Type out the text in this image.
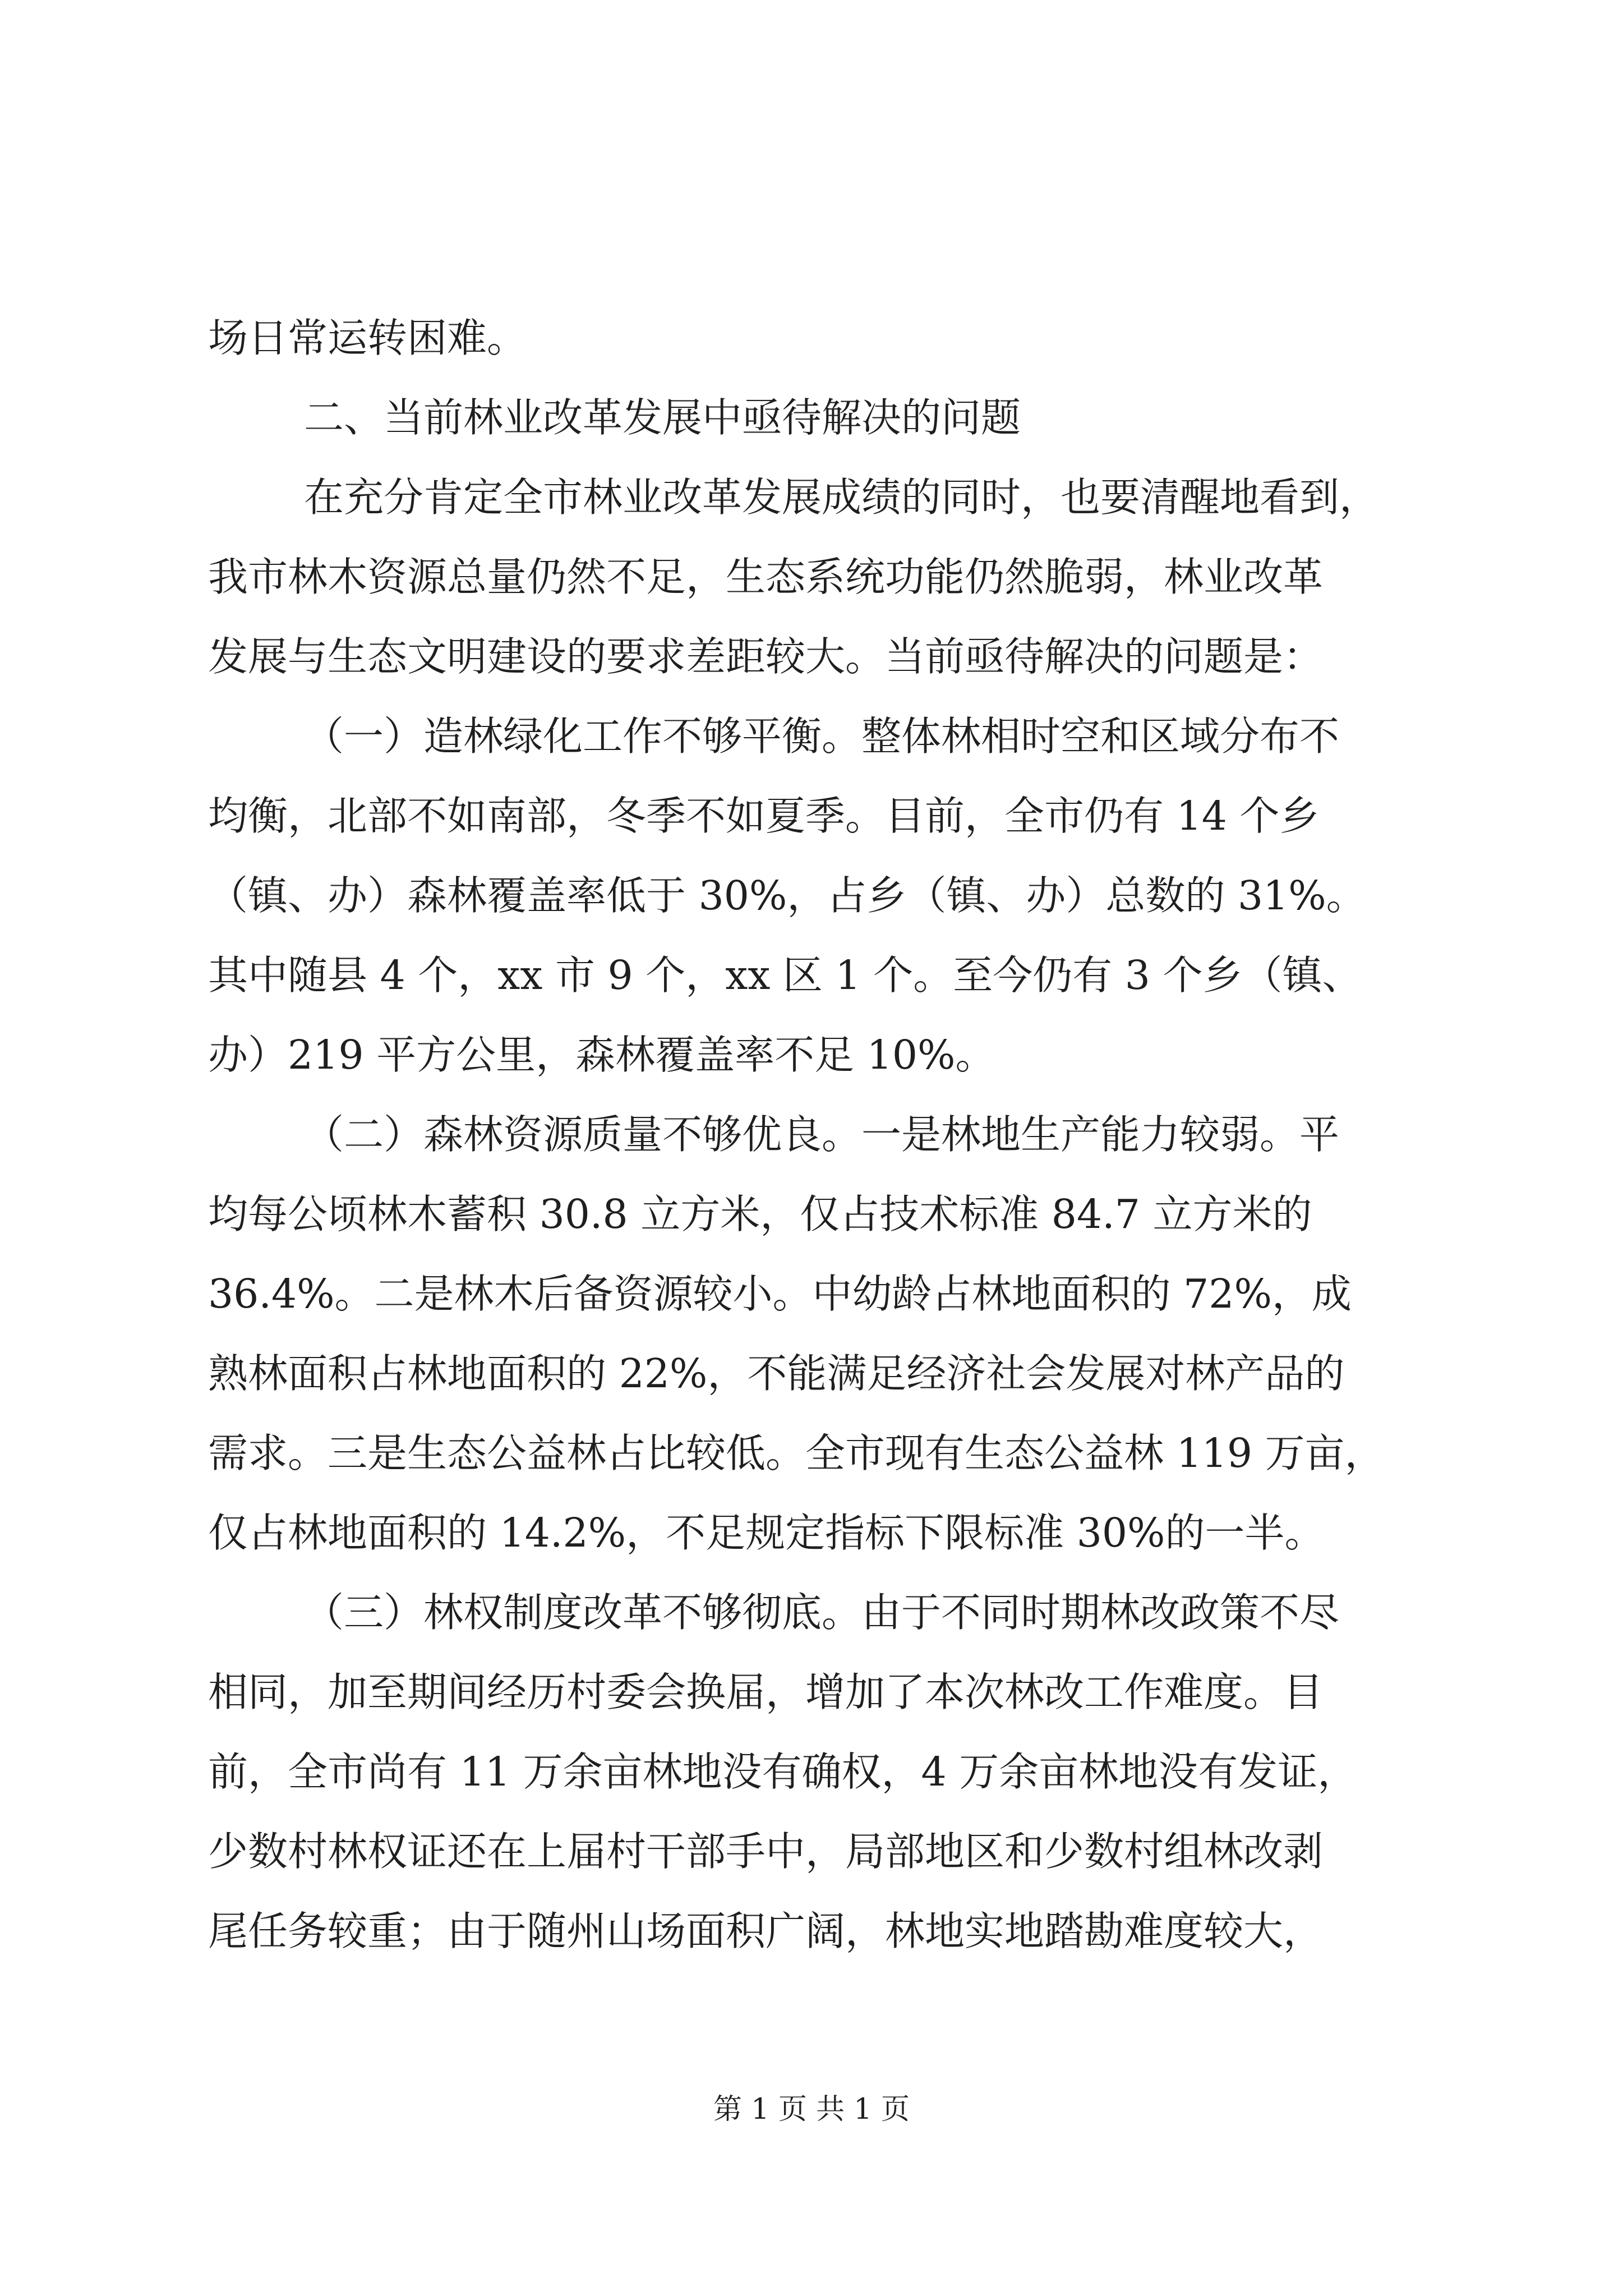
场日常运转困难。
二、当前林业改革发展中亟待解决的问题
在充分肯定全市林业改革发展成绩的同时，也要清醒地看到，
我市林木资源总量仍然不足，生态系统功能仍然脆弱，林业改革
发展与生态文明建设的要求差距较大。当前亟待解决的问题是：
（一）造林绿化工作不够平衡。整体林相时空和区域分布不
均衡，北部不如南部，冬季不如夏季。目前，全市仍有 14 个乡
（镇、办）森林覆盖率低于 30%，占乡（镇、办）总数的 31%。
其中随县 4 个，xx 市 9 个，xx 区 1 个。至今仍有 3 个乡（镇、
办）219 平方公里，森林覆盖率不足 10%。
（二）森林资源质量不够优良。一是林地生产能力较弱。平
均每公顷林木蓄积 30.8 立方米，仅占技术标准 84.7 立方米的
36.4%。二是林木后备资源较小。中幼龄占林地面积的 72%，成
熟林面积占林地面积的 22%，不能满足经济社会发展对林产品的
需求。三是生态公益林占比较低。全市现有生态公益林 119 万亩，
仅占林地面积的 14.2%，不足规定指标下限标准 30%的一半。
（三）林权制度改革不够彻底。由于不同时期林改政策不尽
相同，加至期间经历村委会换届，增加了本次林改工作难度。目
前，全市尚有 11 万余亩林地没有确权，4 万余亩林地没有发证，
少数村林权证还在上届村干部手中，局部地区和少数村组林改剥
尾任务较重；由于随州山场面积广阔，林地实地踏勘难度较大，
第 1 页 共 1 页
